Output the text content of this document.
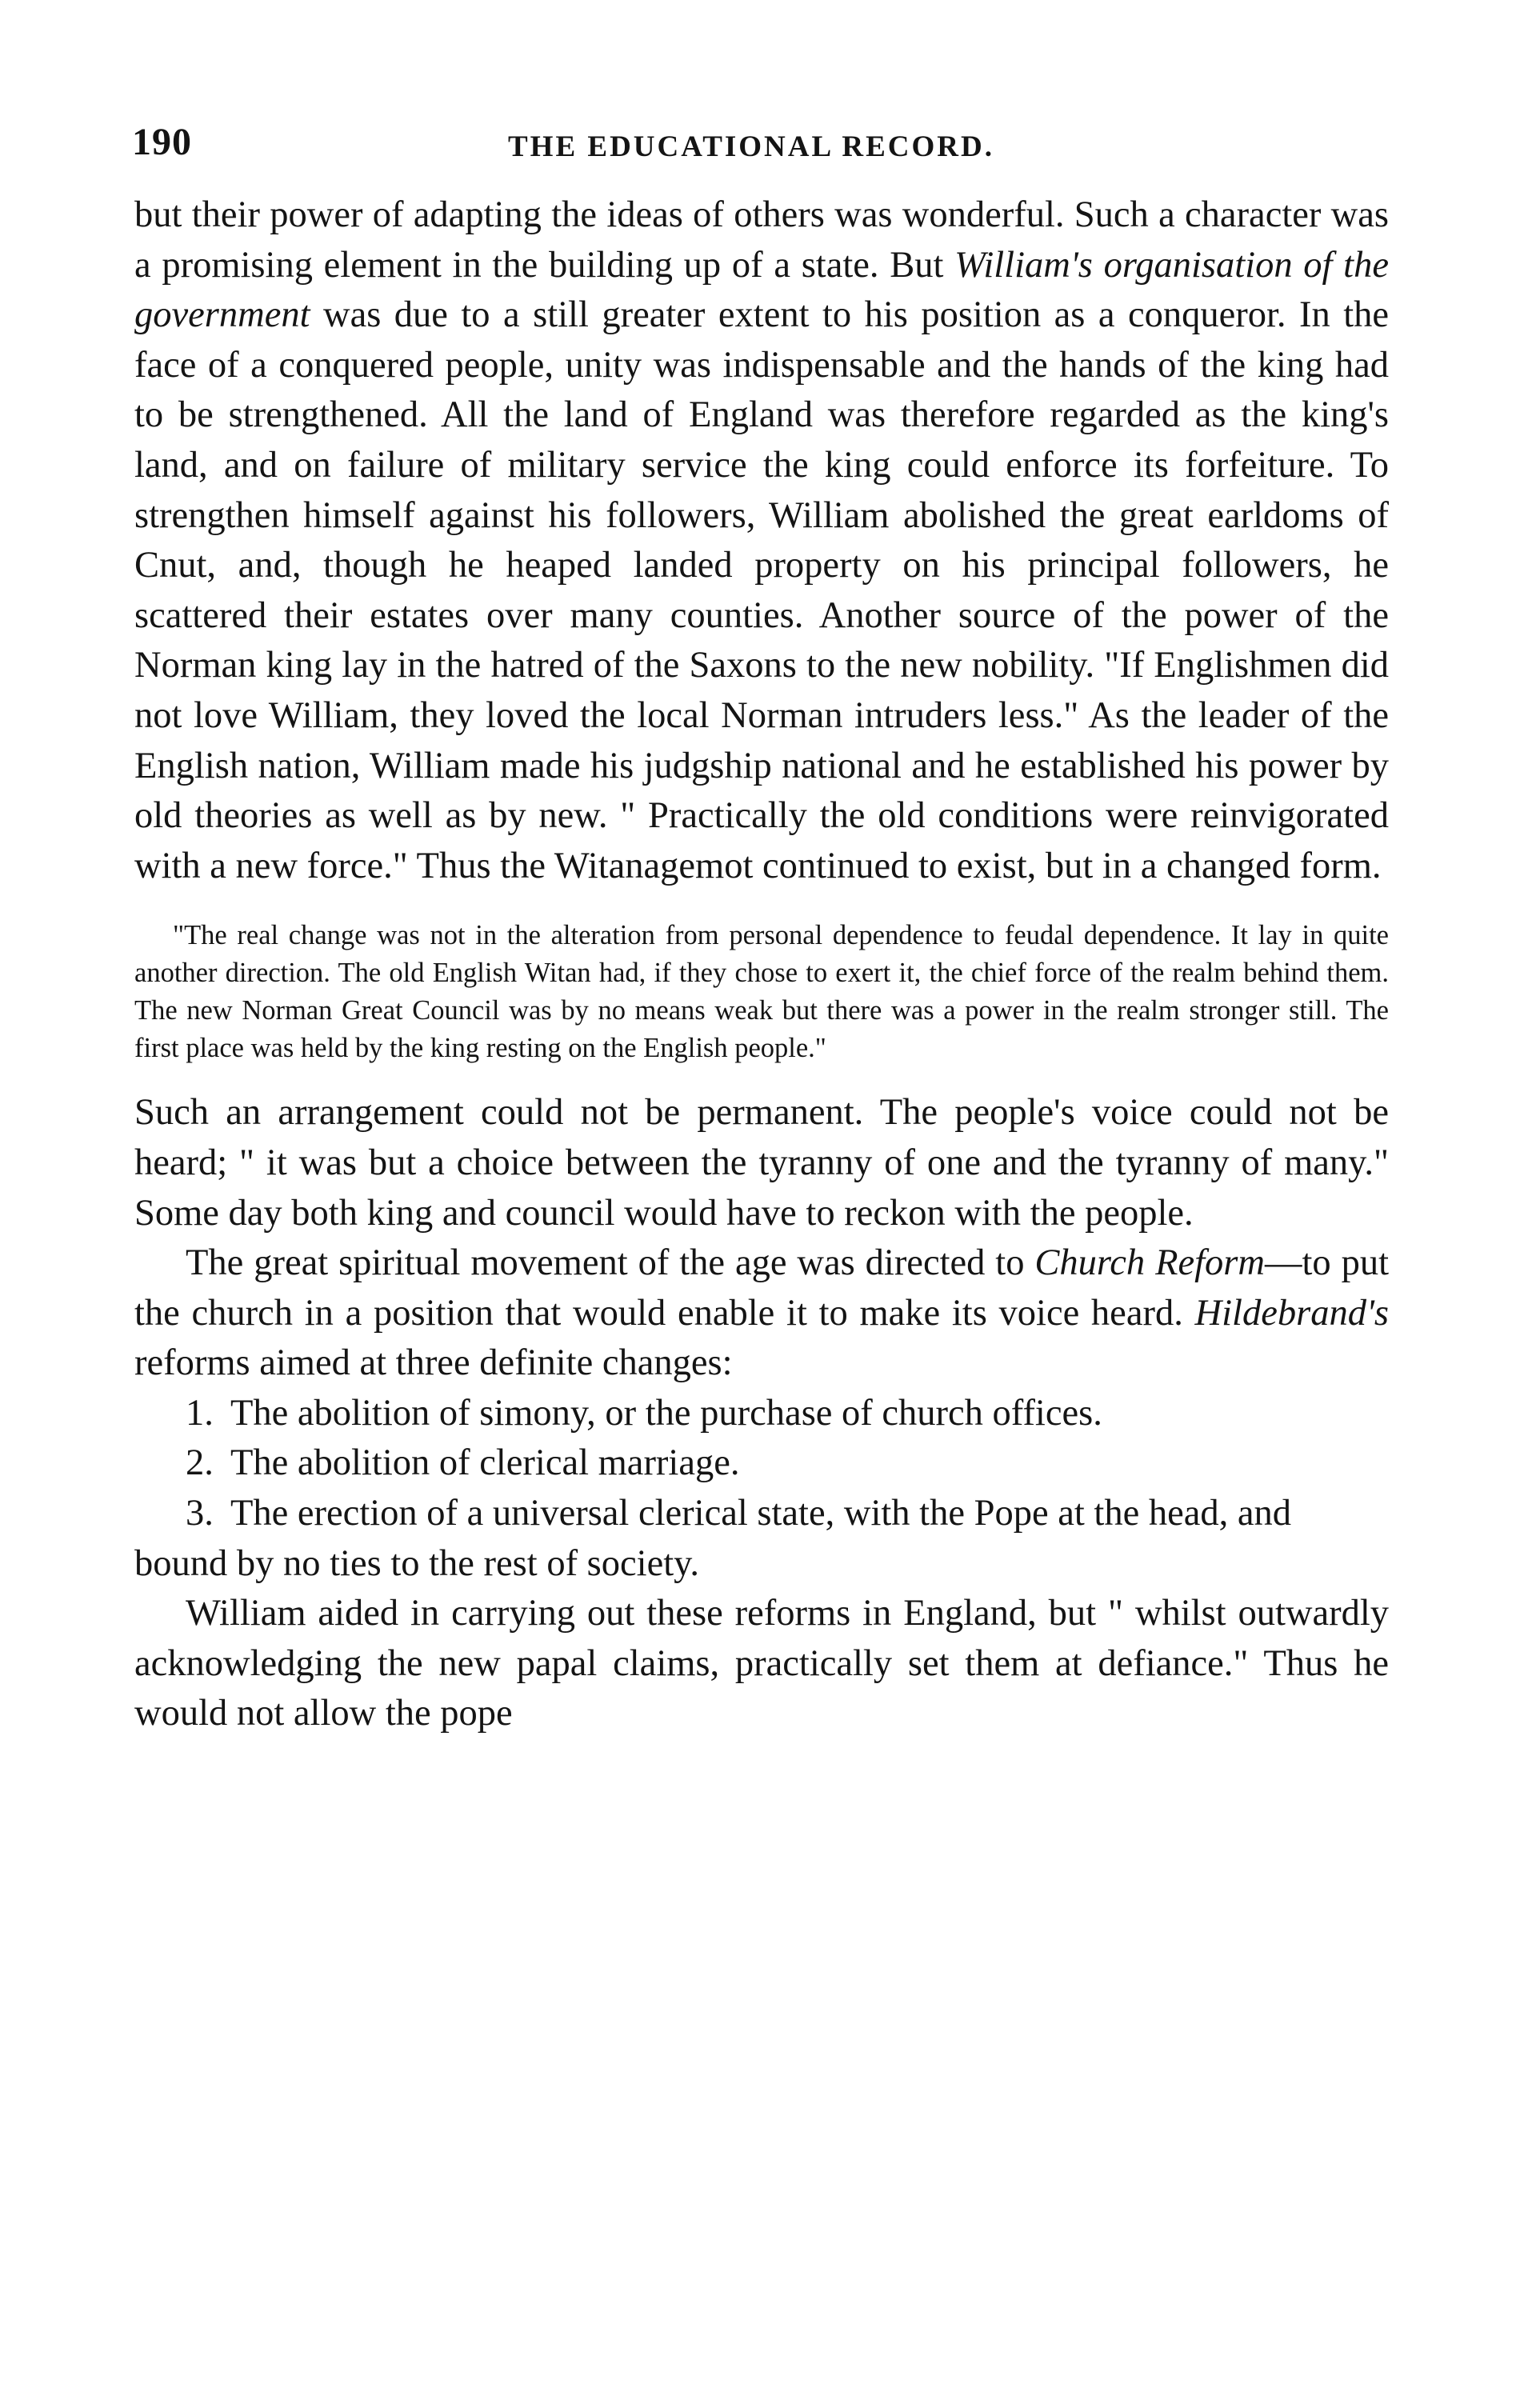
190	THE EDUCATIONAL RECORD.

but their power of adapting the ideas of others was wonderful. Such a character was a promising element in the building up of a state. But William's organisation of the government was due to a still greater extent to his position as a conqueror. In the face of a conquered people, unity was indispensable and the hands of the king had to be strengthened. All the land of England was therefore regarded as the king's land, and on failure of military service the king could enforce its forfeiture. To strengthen himself against his followers, William abolished the great earldoms of Cnut, and, though he heaped landed property on his principal followers, he scattered their estates over many counties. Another source of the power of the Norman king lay in the hatred of the Saxons to the new nobility. "If Englishmen did not love William, they loved the local Norman intruders less." As the leader of the English nation, William made his judgship national and he established his power by old theories as well as by new. " Practically the old conditions were reinvigorated with a new force." Thus the Witanagemot continued to exist, but in a changed form.

"The real change was not in the alteration from personal dependence to feudal dependence. It lay in quite another direction. The old English Witan had, if they chose to exert it, the chief force of the realm behind them. The new Norman Great Council was by no means weak but there was a power in the realm stronger still. The first place was held by the king resting on the English people."

Such an arrangement could not be permanent. The people's voice could not be heard; " it was but a choice between the tyranny of one and the tyranny of many." Some day both king and council would have to reckon with the people.

The great spiritual movement of the age was directed to Church Reform—to put the church in a position that would enable it to make its voice heard. Hildebrand's reforms aimed at three definite changes:

1. The abolition of simony, or the purchase of church offices.
2. The abolition of clerical marriage.
3. The erection of a universal clerical state, with the Pope at the head, and bound by no ties to the rest of society.

William aided in carrying out these reforms in England, but " whilst outwardly acknowledging the new papal claims, practically set them at defiance." Thus he would not allow the pope
